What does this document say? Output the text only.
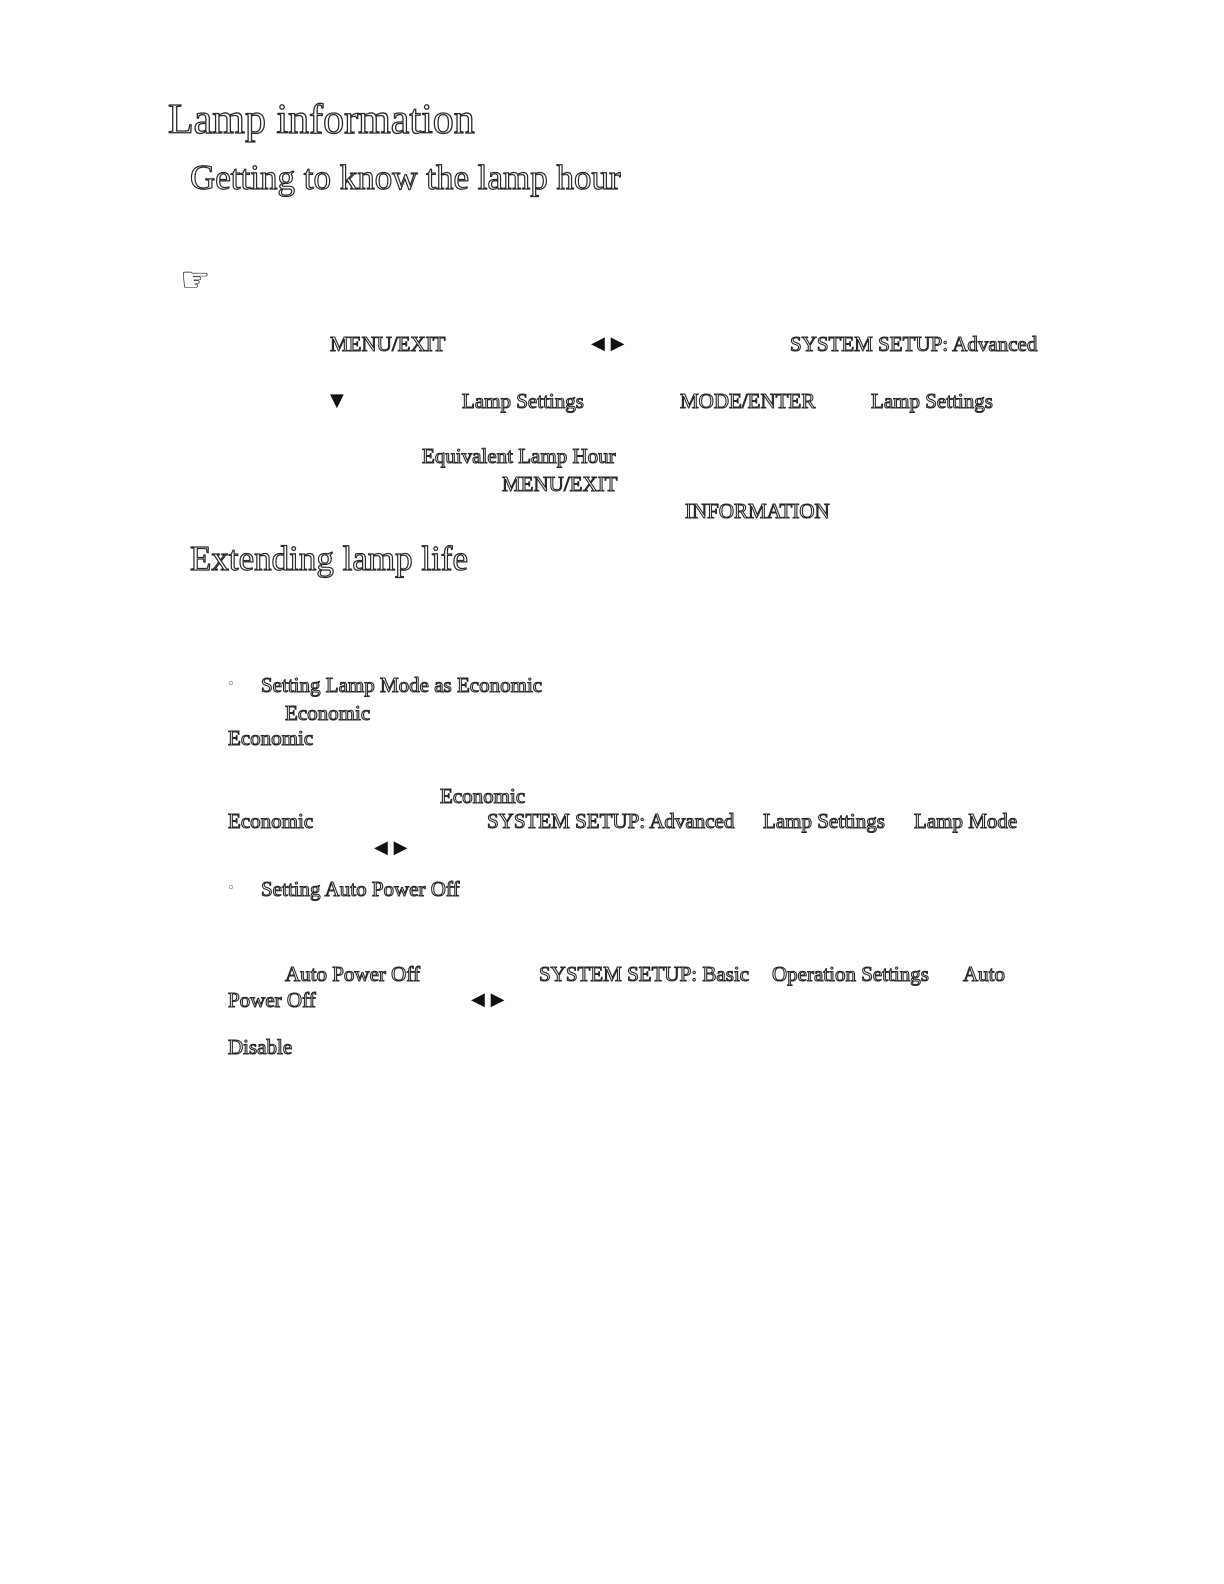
Lamp information
Getting to know the lamp hour
☞
MENU/EXIT	◀ ▶	SYSTEM SETUP: Advanced
▼	Lamp Settings	MODE/ENTER	Lamp Settings
Equivalent Lamp Hour
MENU/EXIT
INFORMATION
Extending lamp life
◦ Setting Lamp Mode as Economic
Economic
Economic
Economic
Economic	SYSTEM SETUP: Advanced Lamp Settings Lamp Mode
◀ ▶
◦ Setting Auto Power Off
Auto Power Off	SYSTEM SETUP: Basic Operation Settings Auto
Power Off	◀ ▶
Disable
